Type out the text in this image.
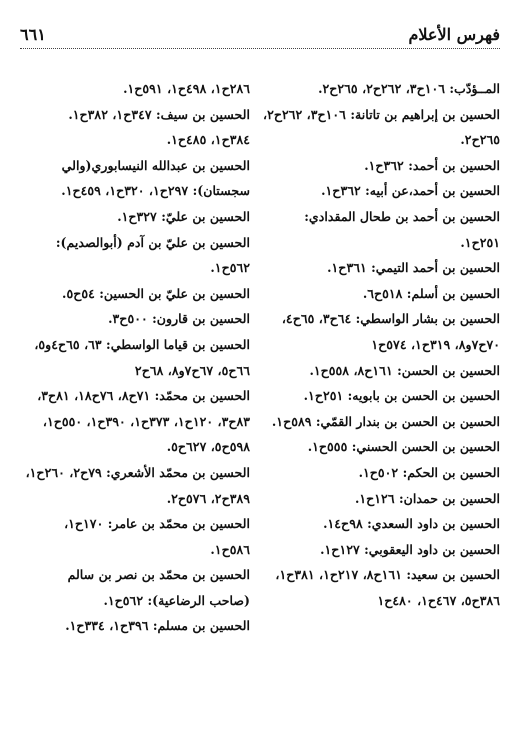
٦٦١	فهرس الأعلام

المــؤدّب: ١٠٦ح٣، ٢٦٢ح٢، ٢٦٥ح٢.

الحسين بن إبراهيم بن تاتانة: ١٠٦ح٣، ٢٦٢ح٢، ٢٦٥ح٢.

الحسين بن أحمد: ٣٦٢ح١.

الحسين بن أحمد،عن أبيه: ٣٦٢ح١.

الحسين بن أحمد بن طحال المقدادي: ٢٥١ح١.

الحسين بن أحمد التيمي: ٣٦١ح١.

الحسين بن أسلم: ٥١٨ح٦.

الحسين بن بشار الواسطي: ٦٤ح٣، ٦٥ح٤، ٧٠ح٧و٨، ٣١٩ح١، ٥٧٤ح١

الحسين بن الحسن: ١٦١ح٨، ٥٥٨ح١.

الحسين بن الحسن بن بابويه: ٢٥١ح١.

الحسين بن الحسن بن بندار القمّي: ٥٨٩ح١.

الحسين بن الحسن الحسني: ٥٥٥ح١.

الحسين بن الحكم: ٥٠٢ح١.

الحسين بن حمدان: ١٢٦ح١.

الحسين بن داود السعدي: ٩٨ح١٤.

الحسين بن داود اليعقوبي: ١٢٧ح١.

الحسين بن سعيد: ١٦١ح٨، ٢١٧ح١، ٣٨١ح١، ٣٨٦ح٥، ٤٦٧ح١، ٤٨٠ح١

٢٨٦ح١، ٤٩٨ح١، ٥٩١ح١.

الحسين بن سيف: ٣٤٧ح١، ٣٨٢ح١.

٣٨٤ح١، ٤٨٥ح١.

الحسين بن عبدالله النيسابوري(والي سجستان): ٢٩٧ح١، ٣٢٠ح١، ٤٥٩ح١.

الحسين بن عليّ: ٣٢٧ح١.

الحسين بن عليّ بن آدم (أبوالصديم): ٥٦٢ح١.

الحسين بن عليّ بن الحسين: ٥٤ح٥.

الحسين بن قارون: ٥٠٠ح٣.

الحسين بن قياما الواسطي: ٦٣، ٦٥ح٤و٥، ٦٦ح٥، ٦٧ح٧و٨، ٦٨ح٢

الحسين بن محمّد: ٧١ح٨، ٧٦ح١٨، ٨١ح٣، ٨٣ح٣، ١٢٠ح١، ٣٧٣ح١، ٣٩٠ح١، ٥٥٠ح١، ٥٩٨ح٥، ٦٢٧ح٥.

الحسين بن محمّد الأشعري: ٧٩ح٢، ٢٦٠ح١، ٣٨٩ح٢، ٥٧٦ح٢.

الحسين بن محمّد بن عامر: ١٧٠ح١، ٥٨٦ح١.

الحسين بن محمّد بن نصر بن سالم (صاحب الرضاعية): ٥٦٢ح١.

الحسين بن مسلم: ٣٩٦ح١، ٣٣٤ح١.
